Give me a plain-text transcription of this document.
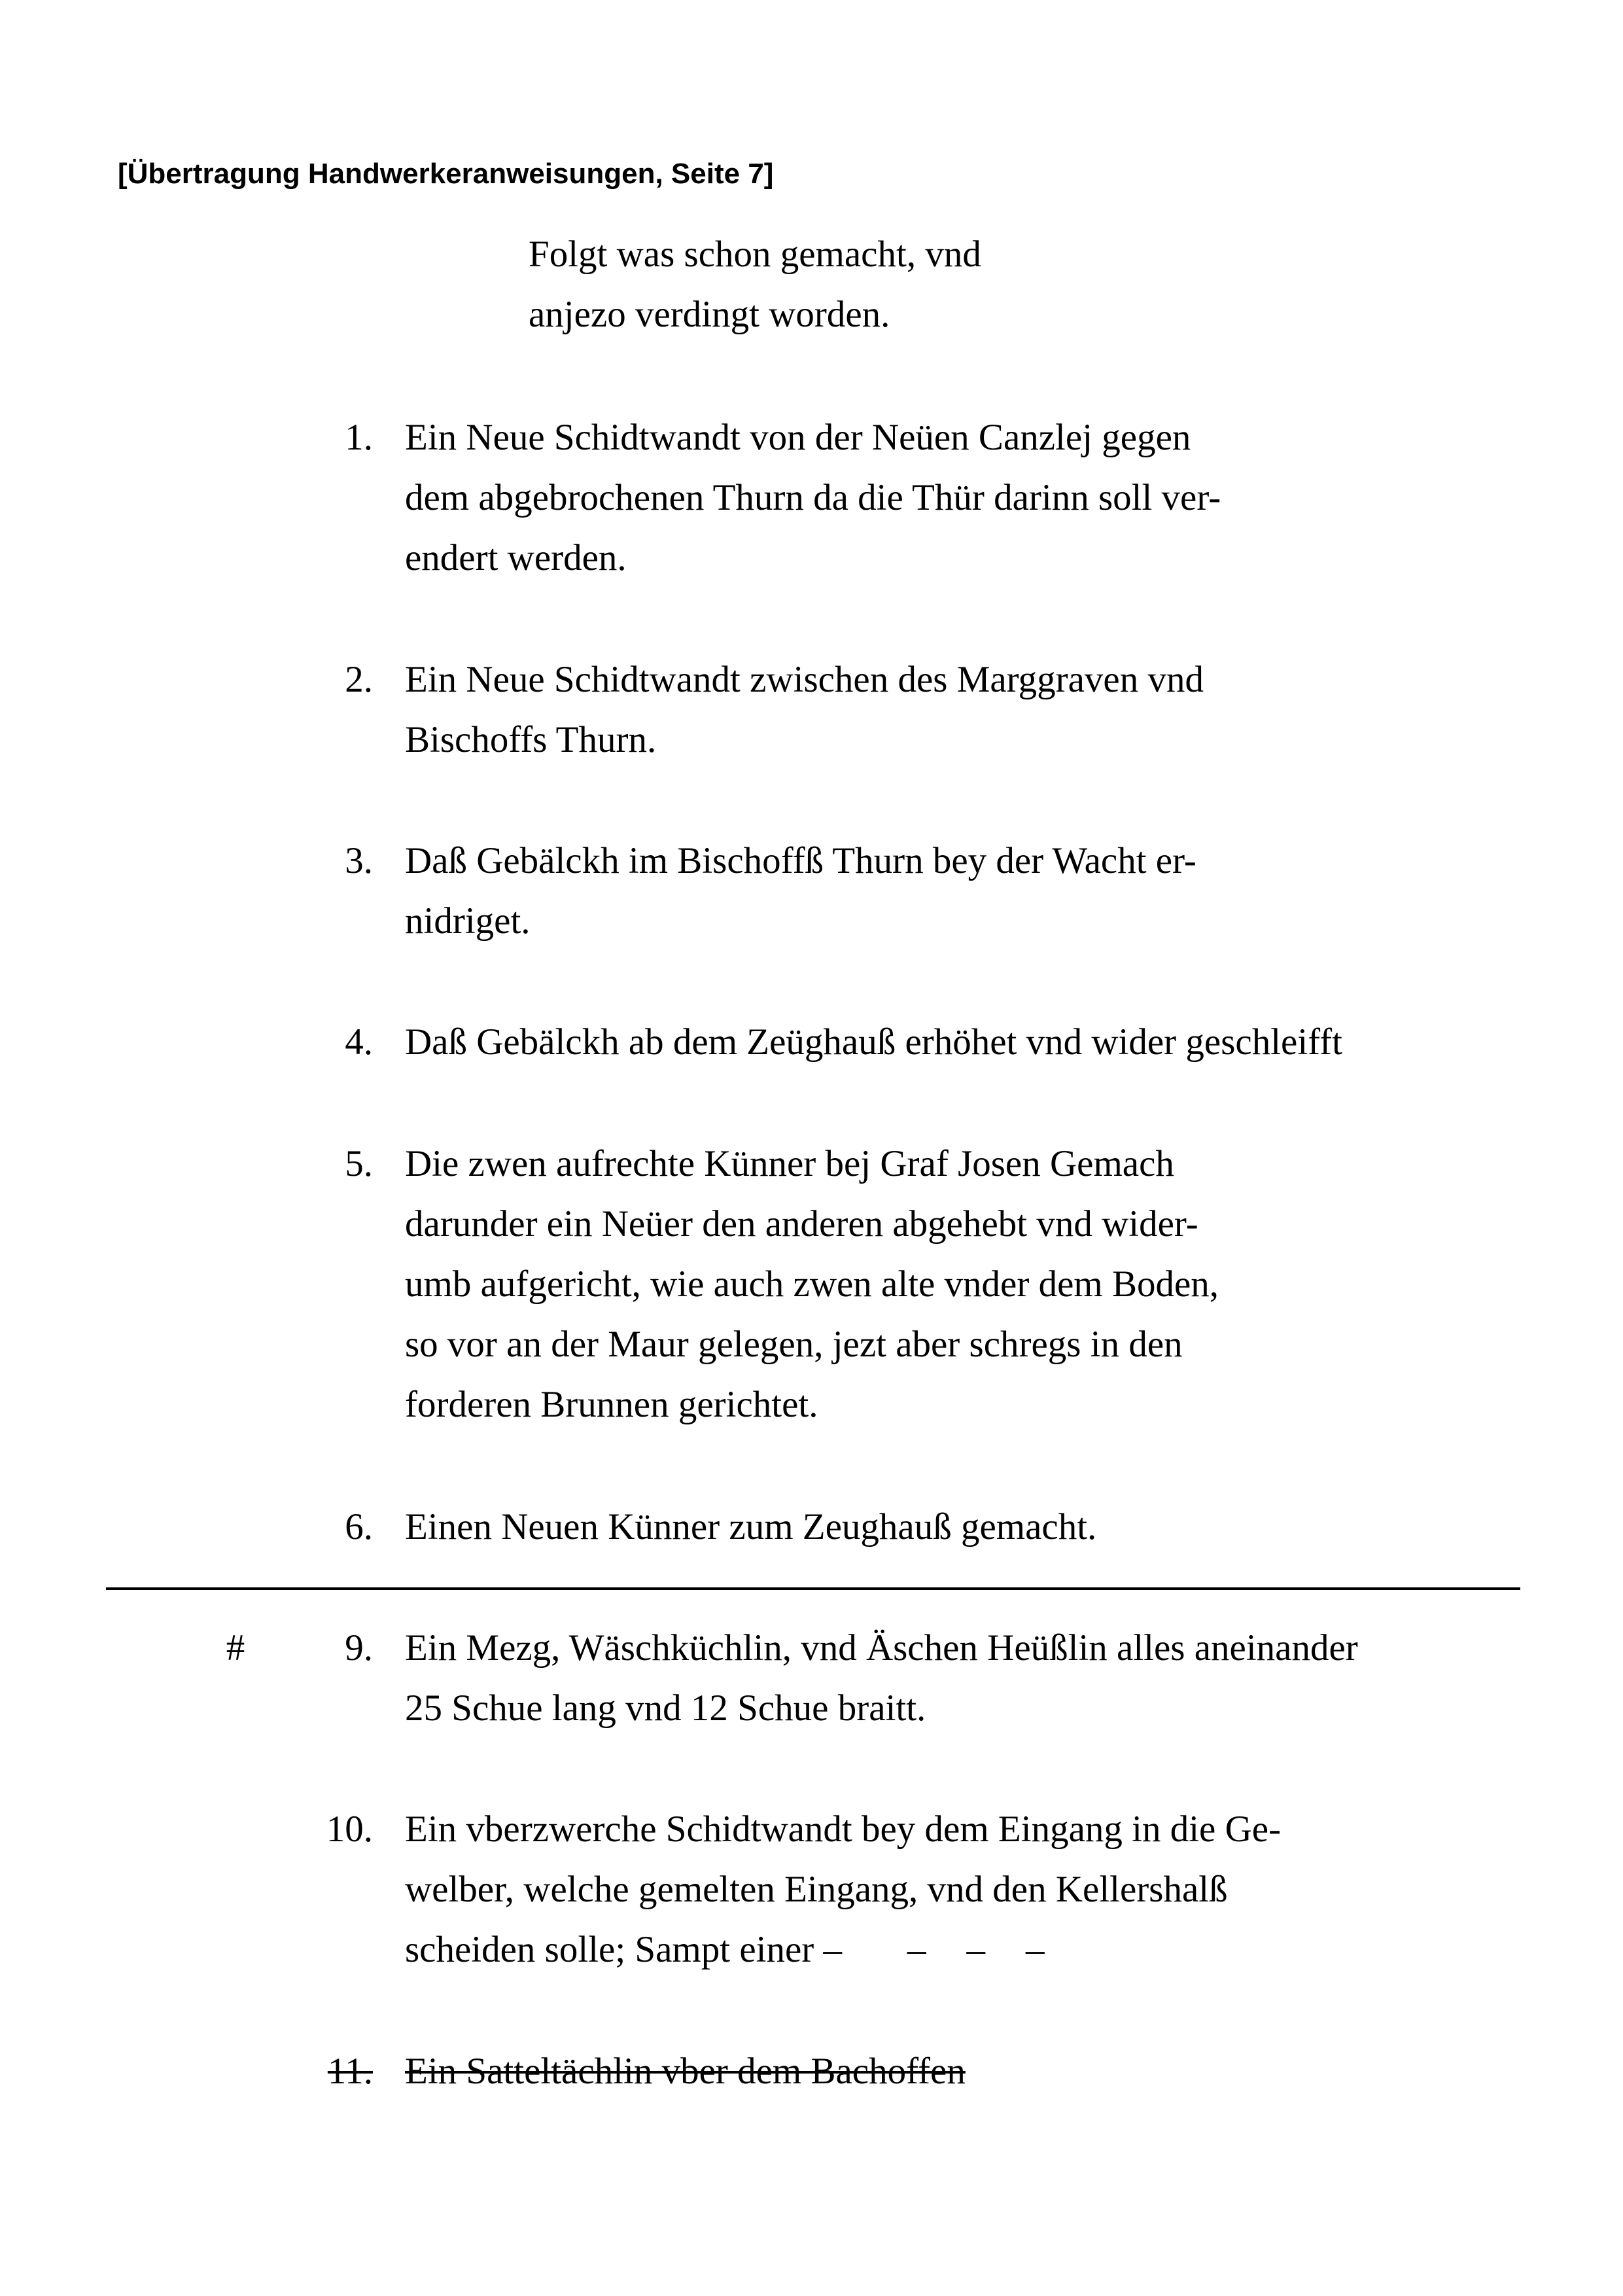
[Übertragung Handwerkeranweisungen, Seite 7]
Folgt was schon gemacht, vnd
anjezo verdingt worden.
1. Ein Neue Schidtwandt von der Neüen Canzlej gegen
dem abgebrochenen Thurn da die Thür darinn soll ver-
endert werden.
2. Ein Neue Schidtwandt zwischen des Marggraven vnd
Bischoffs Thurn.
3. Daß Gebälckh im Bischoffß Thurn bey der Wacht er-
nidriget.
4. Daß Gebälckh ab dem Zeüghauß erhöhet vnd wider geschleifft
5. Die zwen aufrechte Künner bej Graf Josen Gemach
darunder ein Neüer den anderen abgehebt vnd wider-
umb aufgericht, wie auch zwen alte vnder dem Boden,
so vor an der Maur gelegen, jezt aber schregs in den
forderen Brunnen gerichtet.
6. Einen Neuen Künner zum Zeughauß gemacht.
#	9. Ein Mezg, Wäschküchlin, vnd Äschen Heüßlin alles aneinander
25 Schue lang vnd 12 Schue braitt.
10. Ein vberzwerche Schidtwandt bey dem Eingang in die Ge-
welber, welche gemelten Eingang, vnd den Kellershalß
scheiden solle; Sampt einer – – – –
11. Ein Satteltächlin vber dem Bachoffen
